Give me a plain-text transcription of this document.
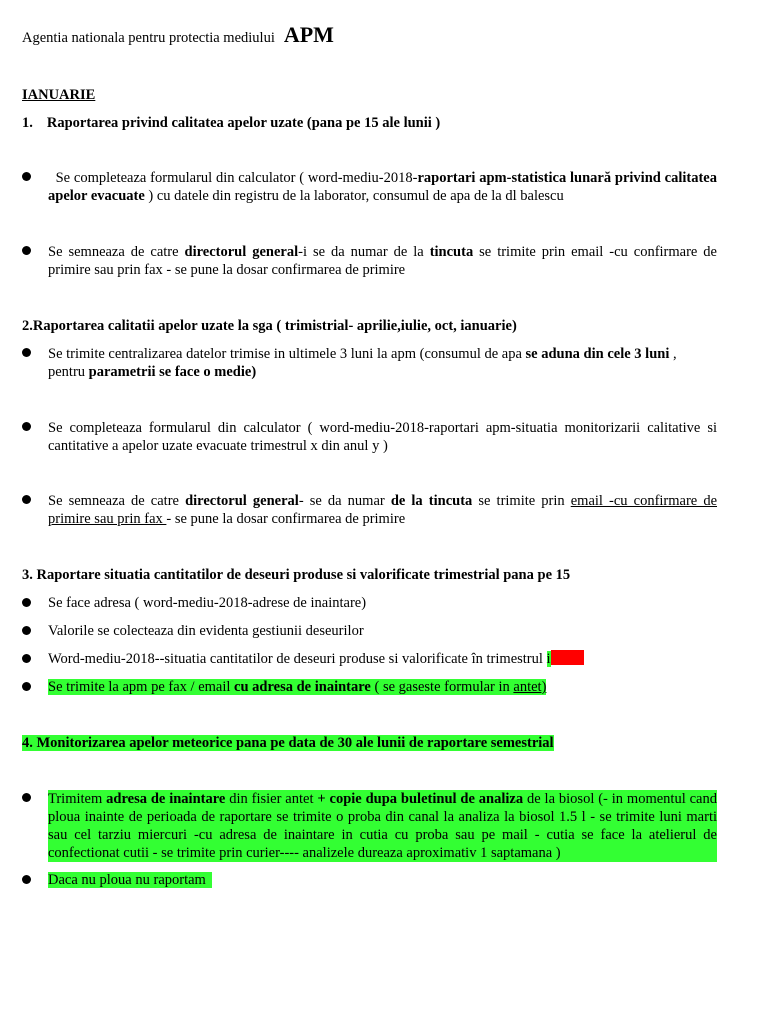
Agentia nationala pentru protectia mediului APM
IANUARIE
1. Raportarea privind calitatea apelor uzate (pana pe 15 ale lunii )
Se completeaza formularul din calculator ( word-mediu-2018-raportari apm-statistica lunară privind calitatea apelor evacuate ) cu datele din registru de la laborator, consumul de apa de la dl balescu
Se semneaza de catre directorul general-i se da numar de la tincuta se trimite prin email -cu confirmare de primire sau prin fax - se pune la dosar confirmarea de primire
2.Raportarea calitatii apelor uzate la sga ( trimistrial- aprilie,iulie, oct, ianuarie)
Se trimite centralizarea datelor trimise in ultimele 3 luni la apm (consumul de apa se aduna din cele 3 luni , pentru parametrii se face o medie)
Se completeaza formularul din calculator ( word-mediu-2018-raportari apm-situatia monitorizarii calitative si cantitative a apelor uzate evacuate trimestrul x din anul y )
Se semneaza de catre directorul general- se da numar de la tincuta se trimite prin email -cu confirmare de primire sau prin fax - se pune la dosar confirmarea de primire
3. Raportare situatia cantitatilor de deseuri produse si valorificate trimestrial pana pe 15
Se face adresa ( word-mediu-2018-adrese de inaintare)
Valorile se colecteaza din evidenta gestiunii deseurilor
Word-mediu-2018--situatia cantitatilor de deseuri produse si valorificate în trimestrul i
Se trimite la apm pe fax / email cu adresa de inaintare ( se gaseste formular in antet)
4. Monitorizarea apelor meteorice pana pe data de 30 ale lunii de raportare semestrial
Trimitem adresa de inaintare din fisier antet + copie dupa buletinul de analiza de la biosol (- in momentul cand ploua inainte de perioada de raportare se trimite o proba din canal la analiza la biosol 1.5 l - se trimite luni marti sau cel tarziu miercuri -cu adresa de inaintare in cutia cu proba sau pe mail - cutia se face la atelierul de confectionat cutii - se trimite prin curier---- analizele dureaza aproximativ 1 saptamana )
Daca nu ploua nu raportam
